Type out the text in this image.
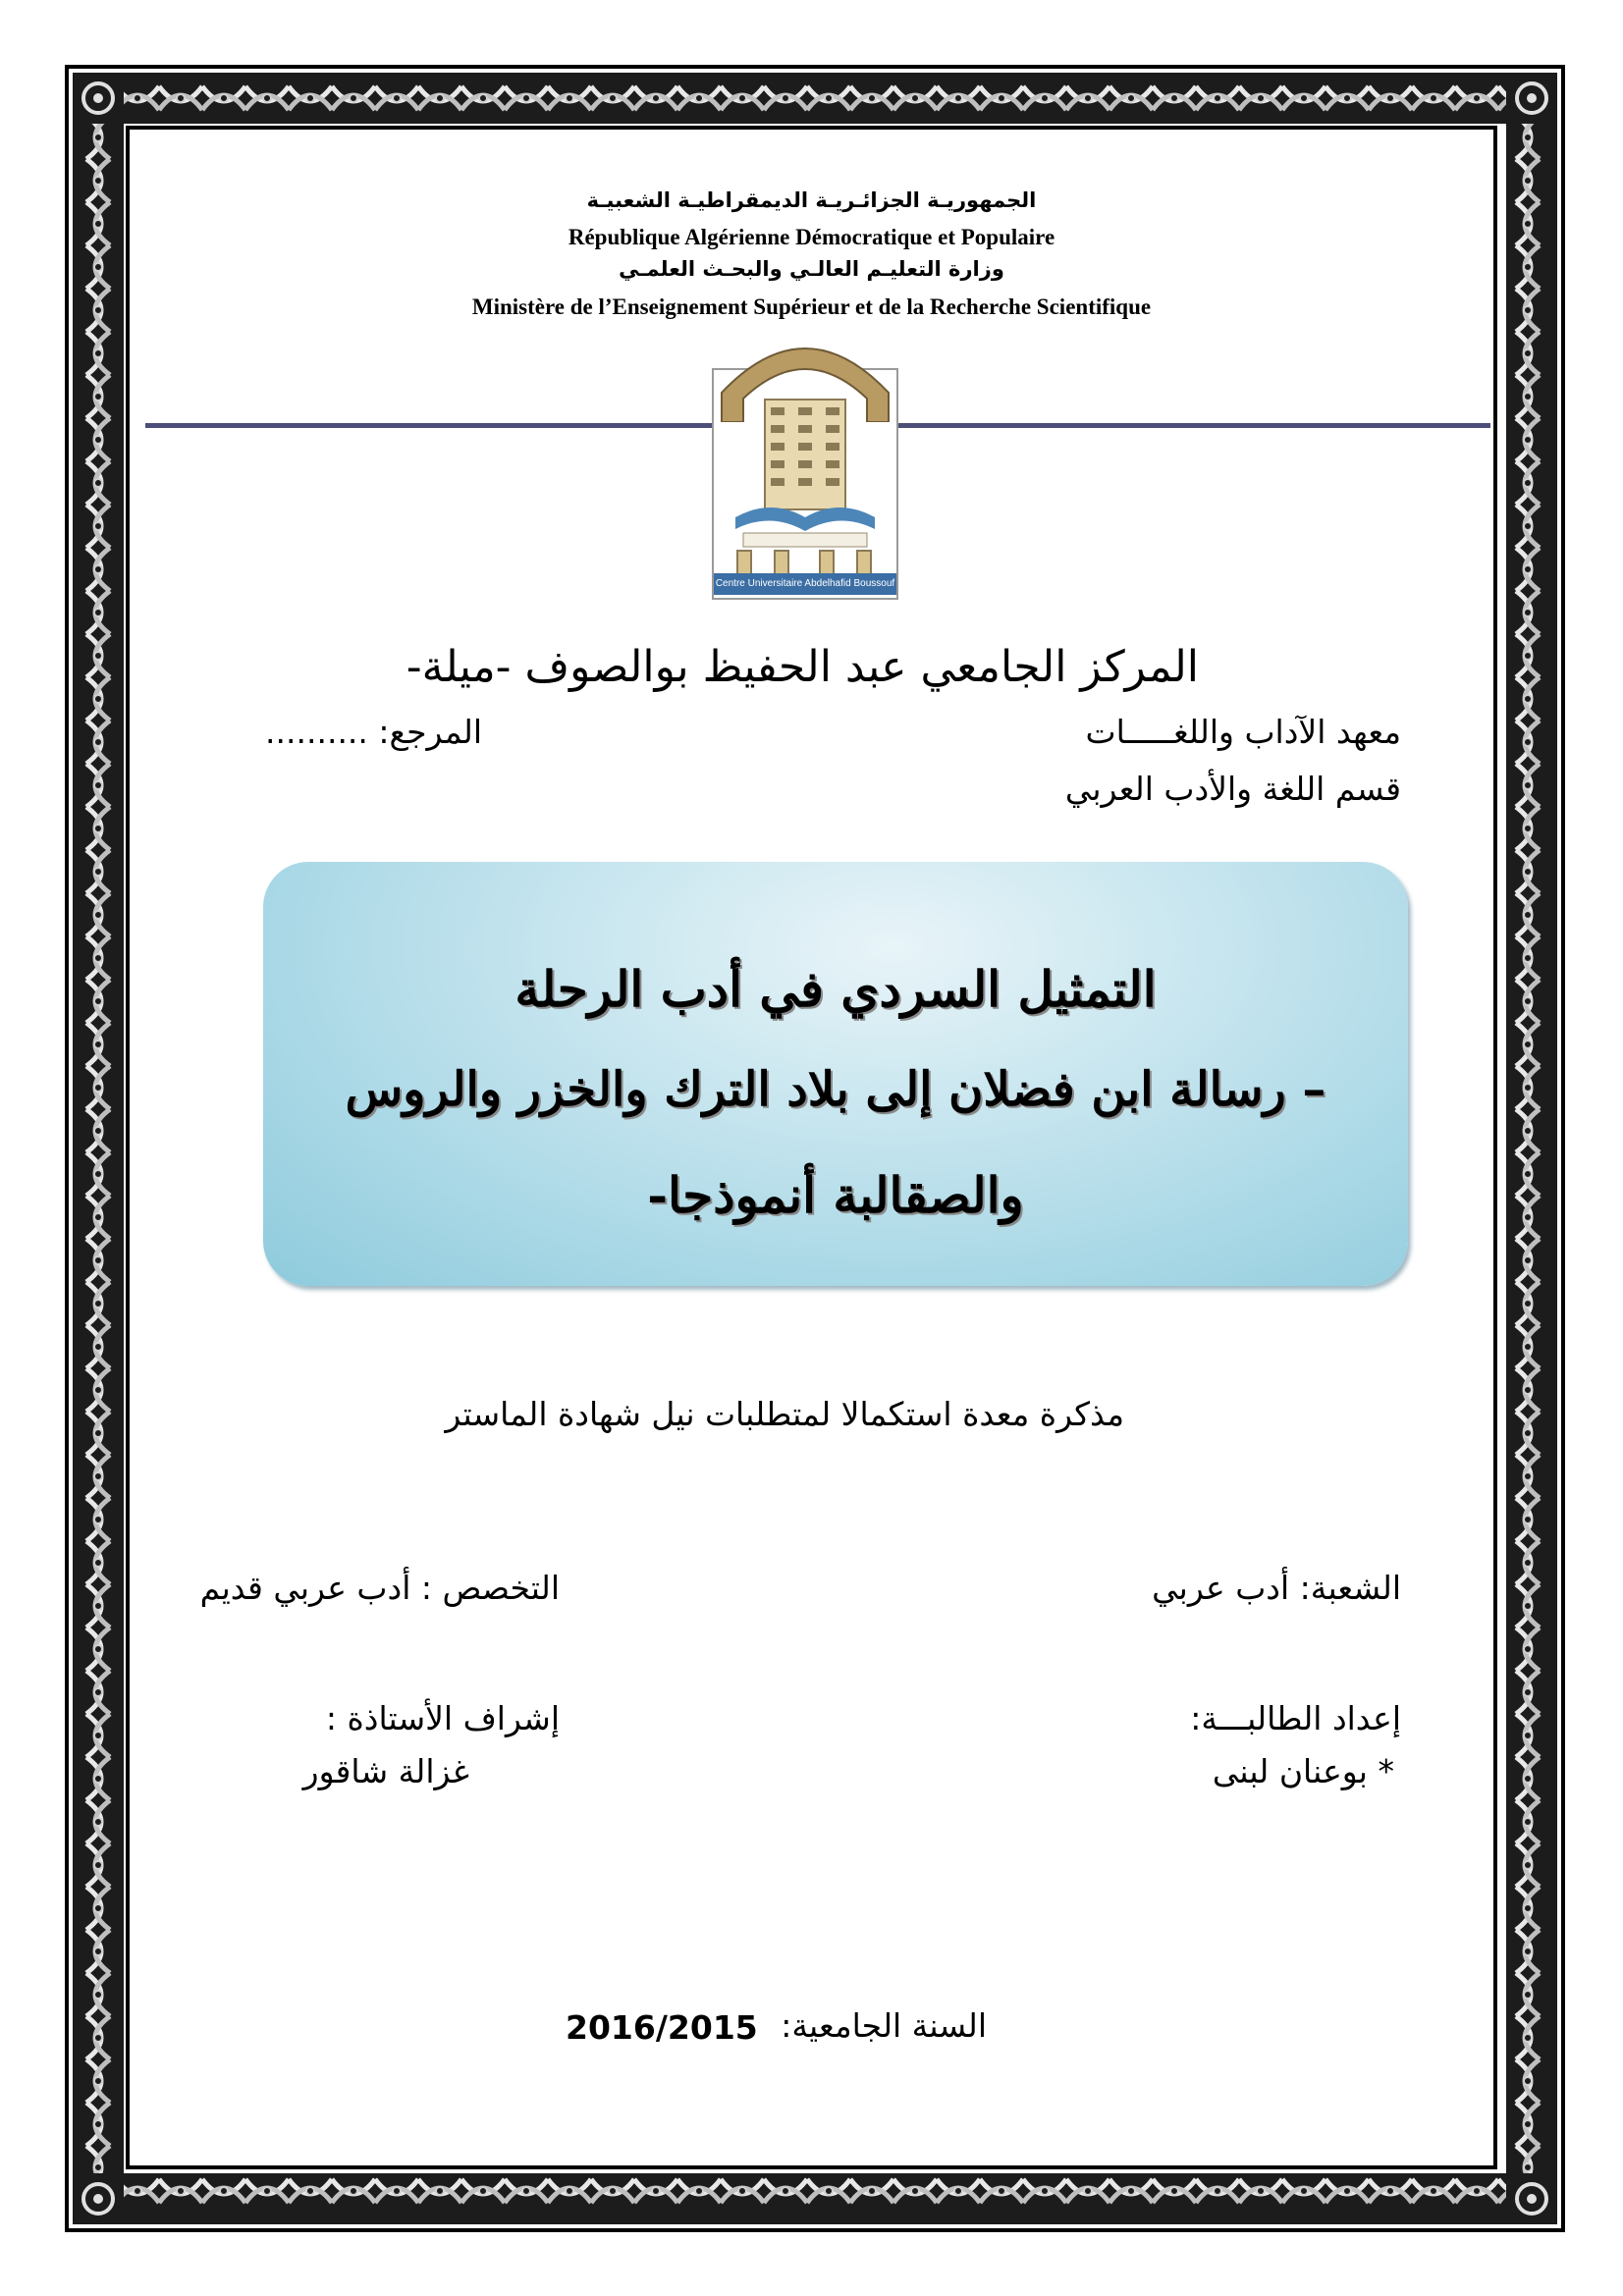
الجمهوريـة الجزائـريـة الديمقراطيـة الشعبيـة
République Algérienne Démocratique et Populaire
وزارة التعليـم العالـي والبحـث العلمـي
Ministère de l’Enseignement Supérieur et de la Recherche Scientifique
Centre Universitaire Abdelhafid Boussouf Mila
المركز الجامعي عبد الحفيظ بوالصوف -ميلة-
معهد الآداب واللغـــــات
المرجع: ..........
قسم اللغة والأدب العربي
التمثيل السردي في أدب الرحلة
– رسالة ابن فضلان إلى بلاد الترك والخزر والروس
والصقالبة أنموذجا-
مذكرة معدة استكمالا لمتطلبات نيل شهادة الماستر
الشعبة: أدب عربي
التخصص : أدب عربي قديم
إعداد الطالبـــة:
إشراف الأستاذة :
* بوعنان لبنى
غزالة شاقور
السنة الجامعية:
2016/2015
